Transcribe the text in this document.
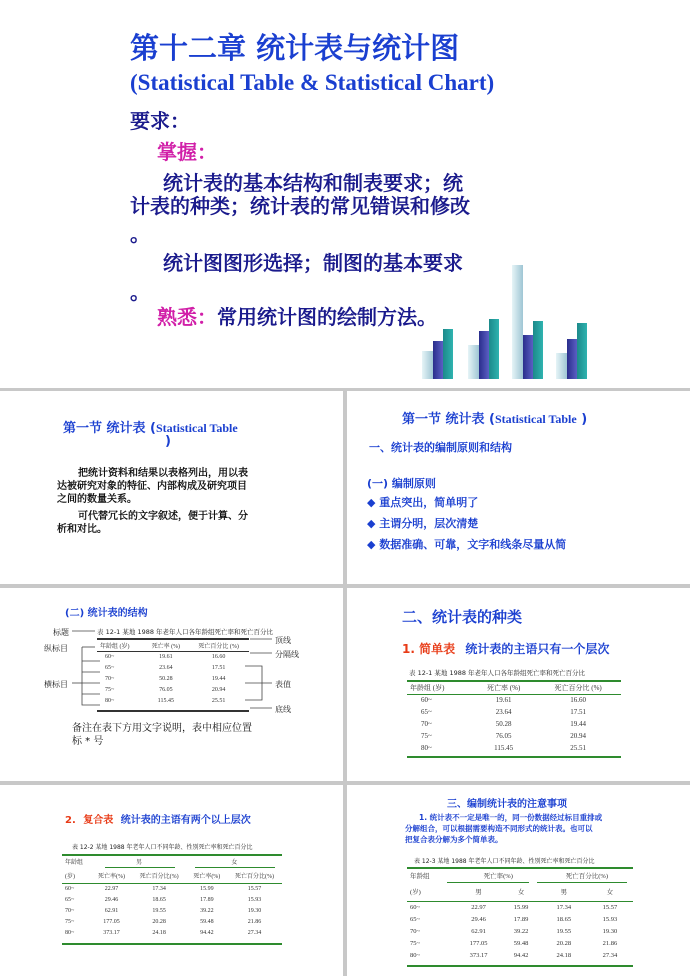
第十二章 统计表与统计图
(Statistical Table & Statistical Chart)
要求：
掌握：
统计表的基本结构和制表要求；统
计表的种类；统计表的常见错误和修改
。
统计图图形选择；制图的基本要求
。
熟悉：常用统计图的绘制方法。
第一节 统计表 (Statistical Table
)
把统计资料和结果以表格列出，用以表
达被研究对象的特征、内部构成及研究项目
之间的数量关系。
可代替冗长的文字叙述，便于计算、分
析和对比。
第一节 统计表 (Statistical Table )
一、统计表的编制原则和结构
(一) 编制原则
◆ 重点突出，简单明了
◆ 主谓分明，层次清楚
◆ 数据准确、可靠，文字和线条尽量从简
(二) 统计表的结构
表 12-1 某地 1988 年老年人口各年龄组死亡率和死亡百分比
标题
纵标目
横标目
顶线
分隔线
表值
底线
年龄组 (岁)	死亡率 (%)	死亡百分比 (%)
60~	19.61	16.60
65~	23.64	17.51
70~	50.28	19.44
75~	76.05	20.94
80~	115.45	25.51
备注在表下方用文字说明，表中相应位置
标 * 号
二、统计表的种类
1. 简单表 统计表的主语只有一个层次
表 12-1 某地 1988 年老年人口各年龄组死亡率和死亡百分比
年龄组 (岁)	死亡率 (%)	死亡百分比 (%)
60~	19.61	16.60
65~	23.64	17.51
70~	50.28	19.44
75~	76.05	20.94
80~	115.45	25.51
2. 复合表 统计表的主语有两个以上层次
表 12-2 某地 1988 年老年人口不同年龄、性别死亡率和死亡百分比
年龄组	男		女	
(岁)	死亡率(%)	死亡百分比(%)	死亡率(%)	死亡百分比(%)
60~	22.97	17.34	15.99	15.57
65~	29.46	18.65	17.89	15.93
70~	62.91	19.55	39.22	19.30
75~	177.05	20.28	59.48	21.86
80~	373.17	24.18	94.42	27.34
三、编制统计表的注意事项
1. 统计表不一定是唯一的，同一份数据经过标目重排或
分解组合，可以根据需要构造不同形式的统计表。也可以
把复合表分解为多个简单表。
表 12-3 某地 1988 年老年人口不同年龄、性别死亡率和死亡百分比
年龄组	死亡率(%)		死亡百分比(%)	
(岁)	男	女	男	女
60~	22.97	15.99	17.34	15.57
65~	29.46	17.89	18.65	15.93
70~	62.91	39.22	19.55	19.30
75~	177.05	59.48	20.28	21.86
80~	373.17	94.42	24.18	27.34
